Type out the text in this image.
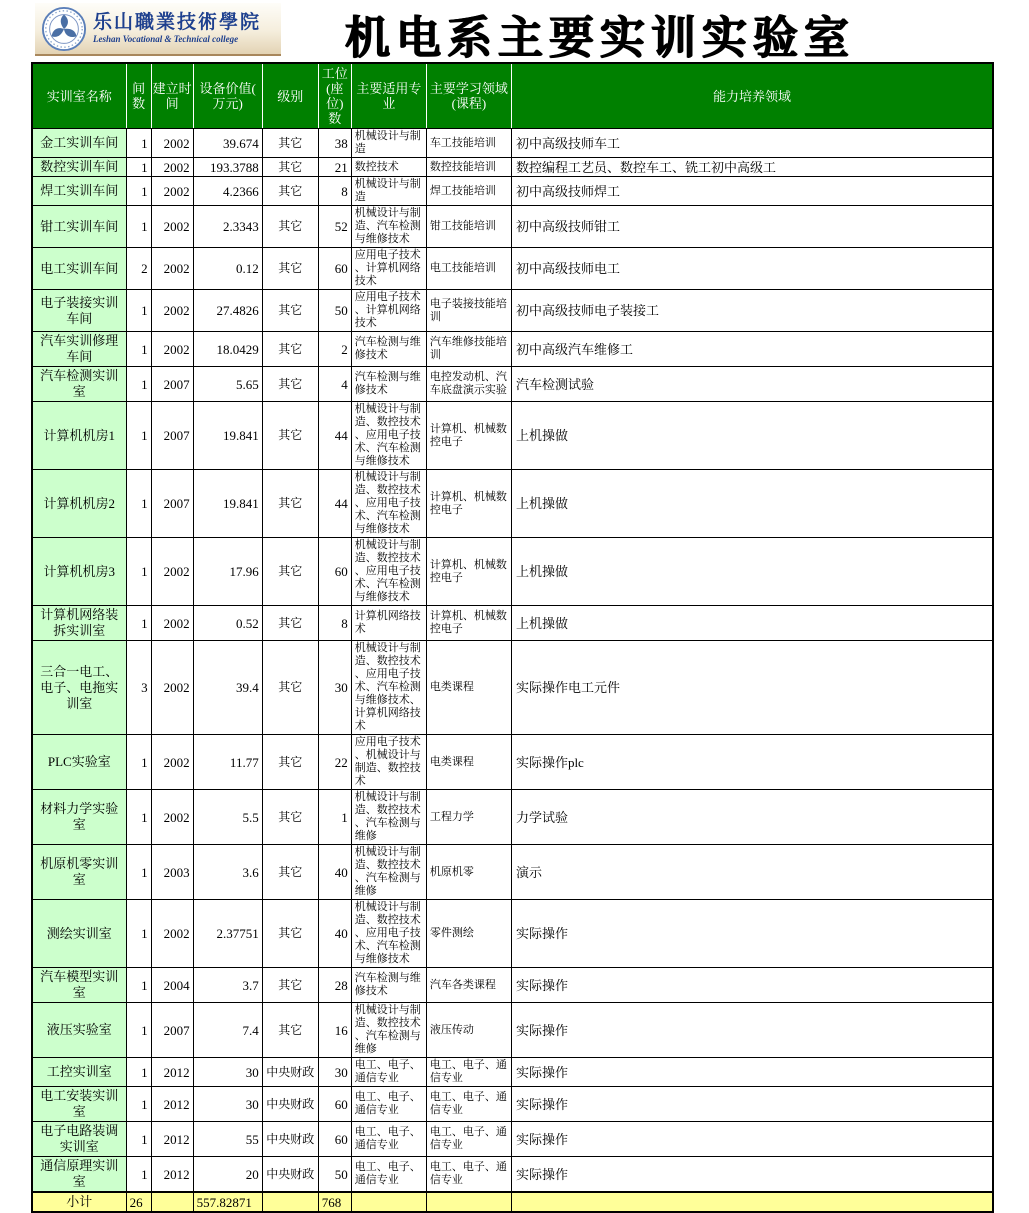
乐山職業技術學院
Leshan Vocational & Technical college	机电系主要实训实验室
实训室名称	间数	建立时间	设备价值(万元)	级别	工位(座位)数	主要适用专业	主要学习领域(课程)	能力培养领域
金工实训车间	1	2002	39.674	其它	38	机械设计与制造	车工技能培训	初中高级技师车工
数控实训车间	1	2002	193.3788	其它	21	数控技术	数控技能培训	数控编程工艺员、数控车工、铣工初中高级工
焊工实训车间	1	2002	4.2366	其它	8	机械设计与制造	焊工技能培训	初中高级技师焊工
钳工实训车间	1	2002	2.3343	其它	52	机械设计与制造、汽车检测与维修技术	钳工技能培训	初中高级技师钳工
电工实训车间	2	2002	0.12	其它	60	应用电子技术、计算机网络技术	电工技能培训	初中高级技师电工
电子装接实训车间	1	2002	27.4826	其它	50	应用电子技术、计算机网络技术	电子装接技能培训	初中高级技师电子装接工
汽车实训修理车间	1	2002	18.0429	其它	2	汽车检测与维修技术	汽车维修技能培训	初中高级汽车维修工
汽车检测实训室	1	2007	5.65	其它	4	汽车检测与维修技术	电控发动机、汽车底盘演示实验	汽车检测试验
计算机机房1	1	2007	19.841	其它	44	机械设计与制造、数控技术、应用电子技术、汽车检测与维修技术	计算机、机械数控电子	上机操做
计算机机房2	1	2007	19.841	其它	44	机械设计与制造、数控技术、应用电子技术、汽车检测与维修技术	计算机、机械数控电子	上机操做
计算机机房3	1	2002	17.96	其它	60	机械设计与制造、数控技术、应用电子技术、汽车检测与维修技术	计算机、机械数控电子	上机操做
计算机网络装拆实训室	1	2002	0.52	其它	8	计算机网络技术	计算机、机械数控电子	上机操做
三合一电工、电子、电拖实训室	3	2002	39.4	其它	30	机械设计与制造、数控技术、应用电子技术、汽车检测与维修技术、计算机网络技术	电类课程	实际操作电工元件
PLC实验室	1	2002	11.77	其它	22	应用电子技术、机械设计与制造、数控技术	电类课程	实际操作plc
材料力学实验室	1	2002	5.5	其它	1	机械设计与制造、数控技术、汽车检测与维修	工程力学	力学试验
机原机零实训室	1	2003	3.6	其它	40	机械设计与制造、数控技术、汽车检测与维修	机原机零	演示
测绘实训室	1	2002	2.37751	其它	40	机械设计与制造、数控技术、应用电子技术、汽车检测与维修技术	零件测绘	实际操作
汽车模型实训室	1	2004	3.7	其它	28	汽车检测与维修技术	汽车各类课程	实际操作
液压实验室	1	2007	7.4	其它	16	机械设计与制造、数控技术、汽车检测与维修	液压传动	实际操作
工控实训室	1	2012	30	中央财政	30	电工、电子、通信专业	电工、电子、通信专业	实际操作
电工安装实训室	1	2012	30	中央财政	60	电工、电子、通信专业	电工、电子、通信专业	实际操作
电子电路装调实训室	1	2012	55	中央财政	60	电工、电子、通信专业	电工、电子、通信专业	实际操作
通信原理实训室	1	2012	20	中央财政	50	电工、电子、通信专业	电工、电子、通信专业	实际操作
小计	26		557.82871		768			
